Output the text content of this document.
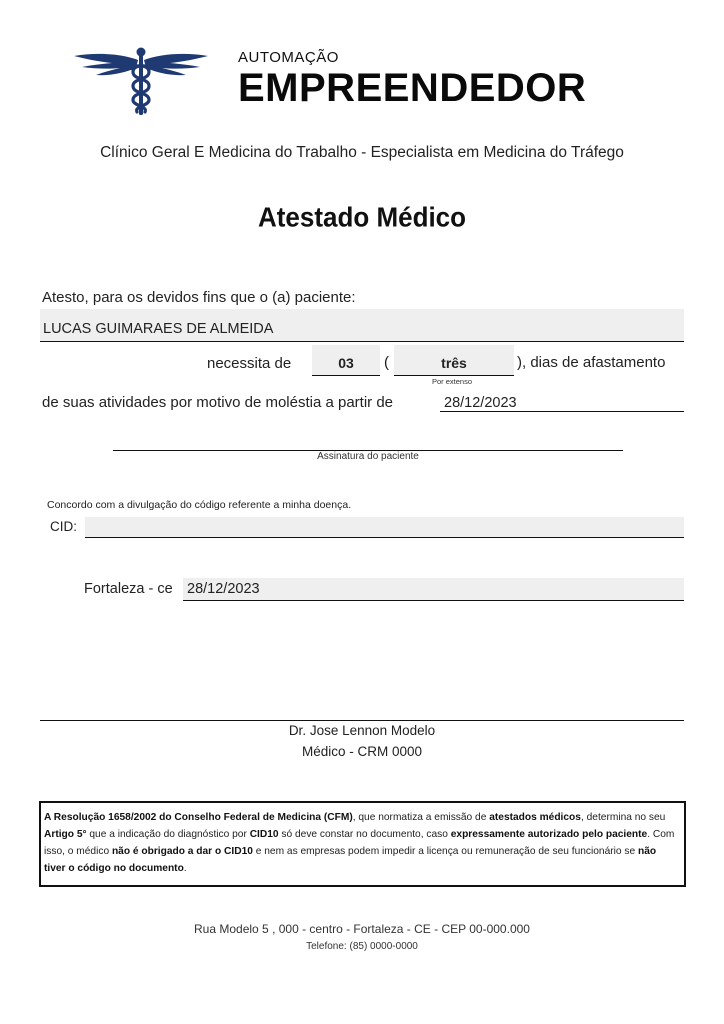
AUTOMAÇÃO
EMPREENDEDOR
Clínico Geral E Medicina do Trabalho - Especialista em Medicina do Tráfego
Atestado Médico
Atesto, para os devidos fins que o (a) paciente:
LUCAS GUIMARAES DE ALMEIDA
necessita de	03	(	três
Por extenso
), dias de afastamento
de suas atividades por motivo de moléstia a partir de	28/12/2023
Assinatura do paciente
Concordo com a divulgação do código referente a minha doença.
CID:
Fortaleza - ce 28/12/2023
Dr. Jose Lennon Modelo
Médico - CRM 0000
A Resolução 1658/2002 do Conselho Federal de Medicina (CFM), que normatiza a emissão de atestados médicos, determina no seu Artigo 5° que a indicação do diagnóstico por CID10 só deve constar no documento, caso expressamente autorizado pelo paciente. Com isso, o médico não é obrigado a dar o CID10 e nem as empresas podem impedir a licença ou remuneração de seu funcionário se não tiver o código no documento.
Rua Modelo 5 , 000 - centro - Fortaleza - CE - CEP 00-000.000
Telefone: (85) 0000-0000
